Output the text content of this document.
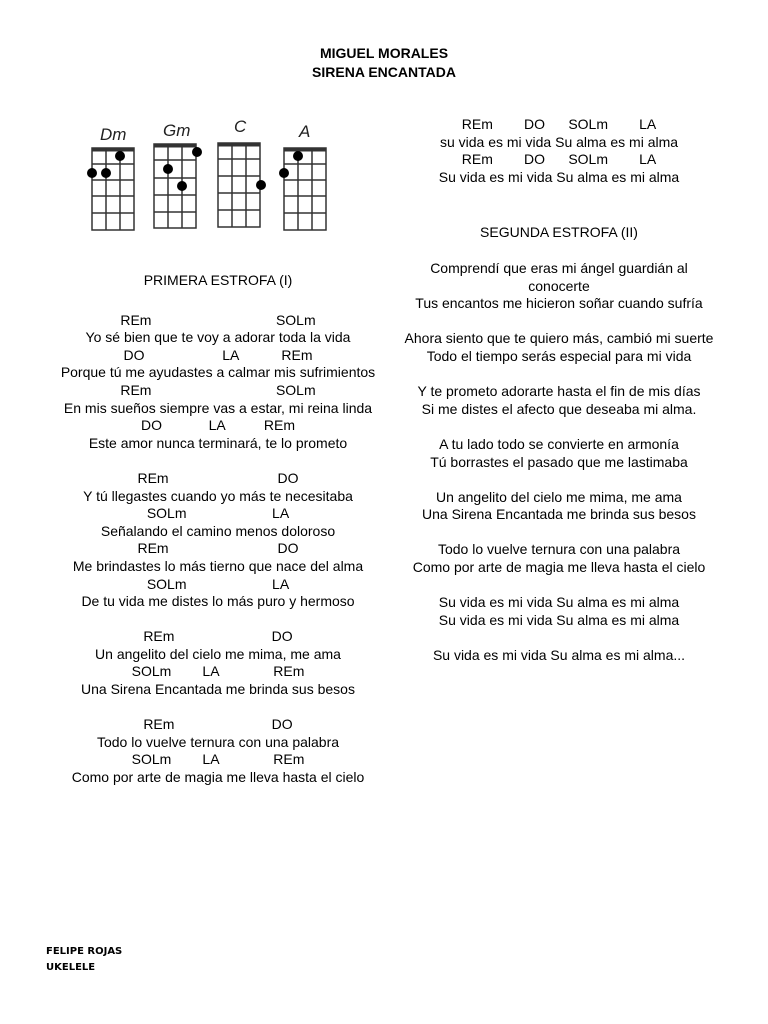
MIGUEL MORALES
SIRENA ENCANTADA
Dm Gm	C	A
PRIMERA ESTROFA (I)
REm                                SOLm
Yo sé bien que te voy a adorar toda la vida
DO                    LA           REm
Porque tú me ayudastes a calmar mis sufrimientos
REm                                SOLm
En mis sueños siempre vas a estar, mi reina linda
DO            LA          REm
Este amor nunca terminará, te lo prometo
REm                            DO
Y tú llegastes cuando yo más te necesitaba
SOLm                      LA
Señalando el camino menos doloroso
REm                            DO
Me brindastes lo más tierno que nace del alma
SOLm                      LA
De tu vida me distes lo más puro y hermoso
REm                         DO
Un angelito del cielo me mima, me ama
SOLm        LA              REm
Una Sirena Encantada me brinda sus besos
REm                         DO
Todo lo vuelve ternura con una palabra
SOLm        LA              REm
Como por arte de magia me lleva hasta el cielo
REm        DO      SOLm        LA
su vida es mi vida Su alma es mi alma
REm        DO      SOLm        LA
Su vida es mi vida Su alma es mi alma
SEGUNDA ESTROFA (II)
Comprendí que eras mi ángel guardián al conocerte
Tus encantos me hicieron soñar cuando sufría
Ahora siento que te quiero más, cambió mi suerte
Todo el tiempo serás especial para mi vida
Y te prometo adorarte hasta el fin de mis días
Si me distes el afecto que deseaba mi alma.
A tu lado todo se convierte en armonía
Tú borrastes el pasado que me lastimaba
Un angelito del cielo me mima, me ama
Una Sirena Encantada me brinda sus besos
Todo lo vuelve ternura con una palabra
Como por arte de magia me lleva hasta el cielo
Su vida es mi vida Su alma es mi alma
Su vida es mi vida Su alma es mi alma
Su vida es mi vida Su alma es mi alma...
FELIPE ROJAS
UKELELE
